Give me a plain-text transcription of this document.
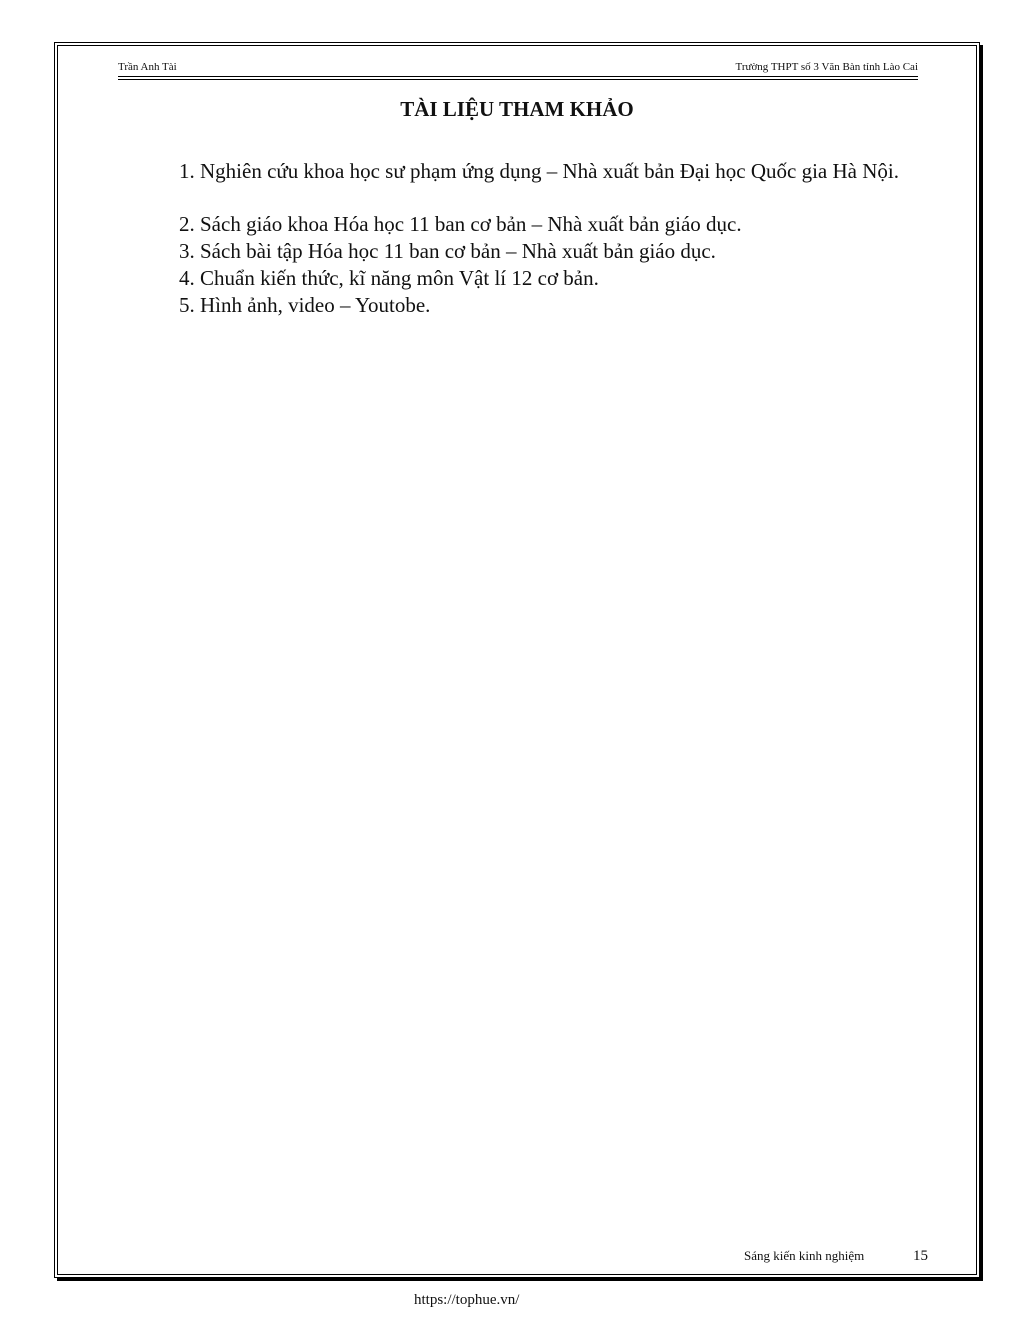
Trần Anh Tài	Trường THPT số 3 Văn Bàn tỉnh Lào Cai
TÀI LIỆU THAM KHẢO

1. Nghiên cứu khoa học sư phạm ứng dụng – Nhà xuất bản Đại học Quốc gia Hà Nội.

2. Sách giáo khoa Hóa học 11 ban cơ bản – Nhà xuất bản giáo dục.

3. Sách bài tập Hóa học 11 ban cơ bản – Nhà xuất bản giáo dục.

4. Chuẩn kiến thức, kĩ năng môn Vật lí 12 cơ bản.

5. Hình ảnh, video – Youtobe.

Sáng kiến kinh nghiệm	15
https://tophue.vn/
